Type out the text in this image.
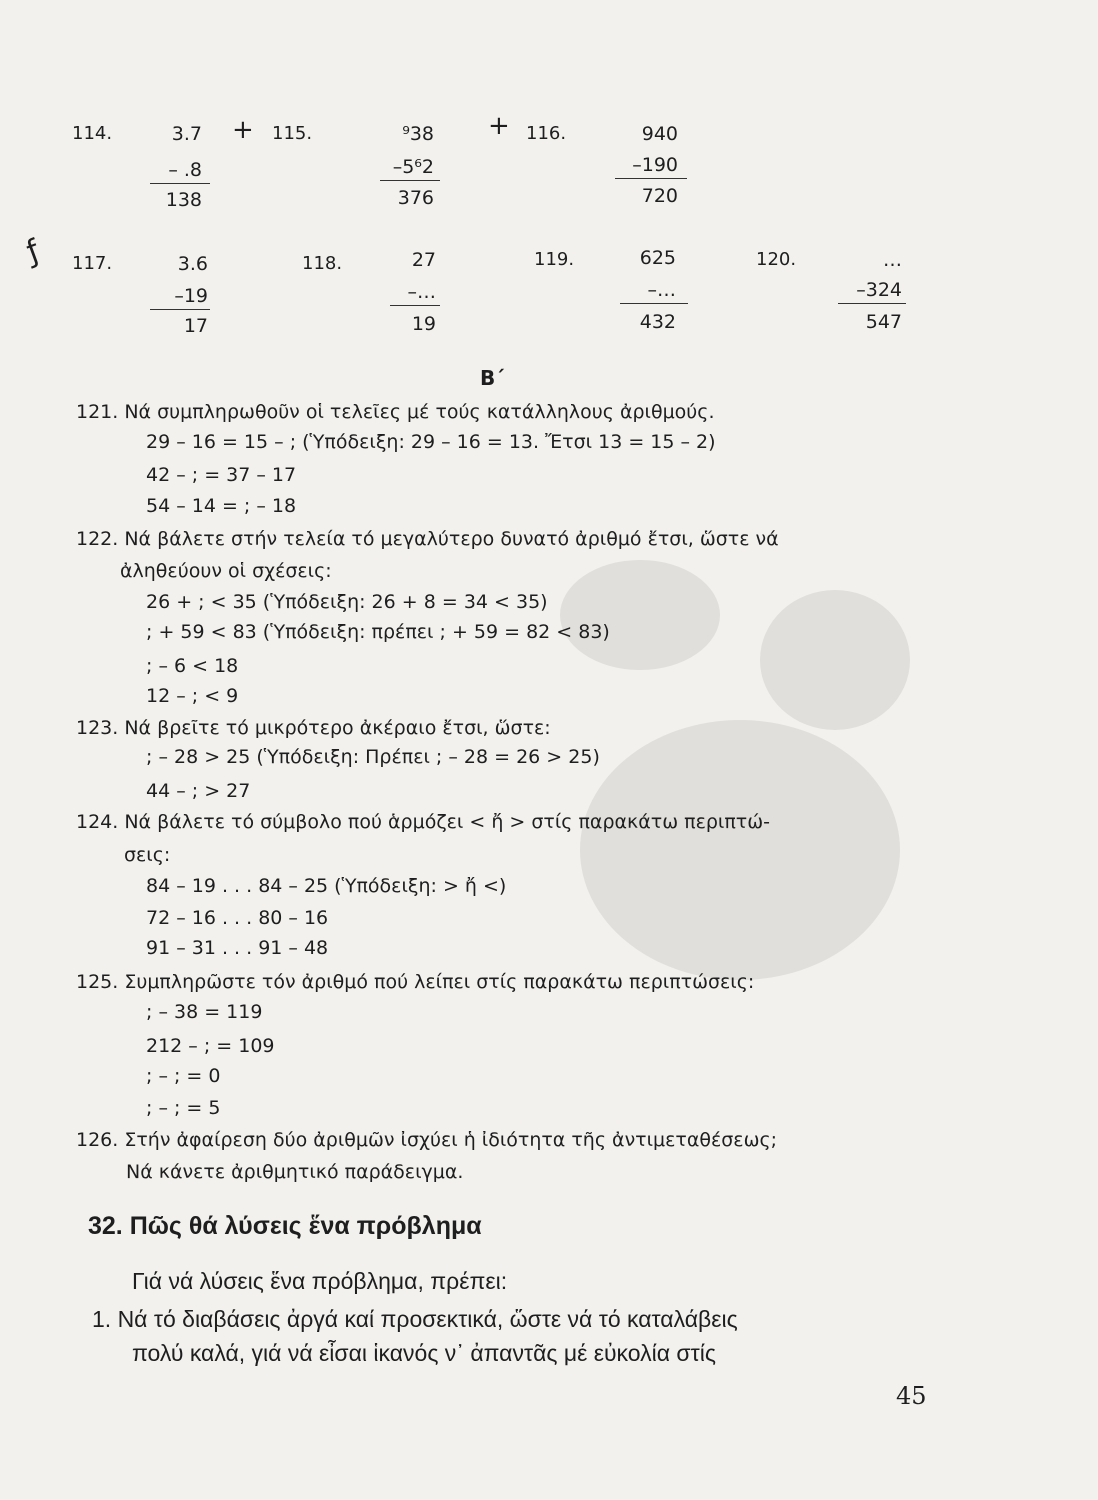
114.	3.7
– .8
138
+ 115.	⁹38
–5⁶2
376
+ 116.	940
–190
720
ƒ 117.	3.6
–19
17
118.	27
–…
19
119.	625
–…
432
120.	…
–324
547
Β΄
121. Νά συμπληρωθοῦν οἱ τελεῖες μέ τούς κατάλληλους ἀριθμούς.
29 – 16 = 15 – ; (Ὑπόδειξη: 29 – 16 = 13. Ἔτσι 13 = 15 – 2)
42 – ; = 37 – 17
54 – 14 = ; – 18
122. Νά βάλετε στήν τελεία τό μεγαλύτερο δυνατό ἀριθμό ἔτσι, ὥστε νά
ἀληθεύουν οἱ σχέσεις:
26 + ; < 35 (Ὑπόδειξη: 26 + 8 = 34 < 35)
; + 59 < 83 (Ὑπόδειξη: πρέπει ; + 59 = 82 < 83)
; – 6 < 18
12 – ; < 9
123. Νά βρεῖτε τό μικρότερο ἀκέραιο ἔτσι, ὥστε:
; – 28 > 25 (Ὑπόδειξη: Πρέπει ; – 28 = 26 > 25)
44 – ; > 27
124. Νά βάλετε τό σύμβολο πού ἁρμόζει < ἤ > στίς παρακάτω περιπτώ-
σεις:
84 – 19 . . . 84 – 25 (Ὑπόδειξη: > ἤ <)
72 – 16 . . . 80 – 16
91 – 31 . . . 91 – 48
125. Συμπληρῶστε τόν ἀριθμό πού λείπει στίς παρακάτω περιπτώσεις:
; – 38 = 119
212 – ; = 109
; – ; = 0
; – ; = 5
126. Στήν ἀφαίρεση δύο ἀριθμῶν ἰσχύει ἡ ἰδιότητα τῆς ἀντιμεταθέσεως;
Νά κάνετε ἀριθμητικό παράδειγμα.
32. Πῶς θά λύσεις ἕνα πρόβλημα
Γιά νά λύσεις ἕνα πρόβλημα, πρέπει:
1. Νά τό διαβάσεις ἀργά καί προσεκτικά, ὥστε νά τό καταλάβεις
πολύ καλά, γιά νά εἶσαι ἱκανός ν᾿ ἀπαντᾶς μέ εὐκολία στίς
45
